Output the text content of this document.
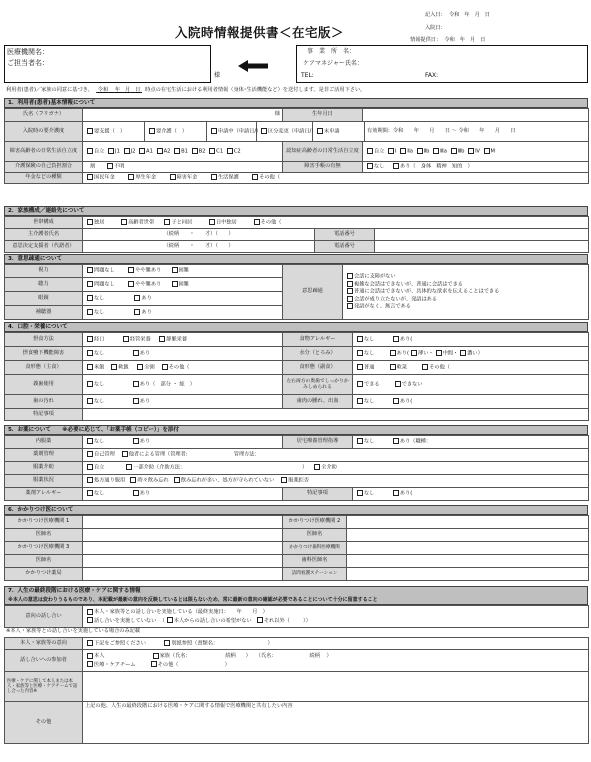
入院時情報提供書＜在宅版＞
記入日： 令和 年 月 日
入院日：
情報提供日： 令和 年 月 日
医療機関名：
ご担当者名：
様
事　業　所　名：
ケアマネジャー氏名：
TEL:	FAX:
利用者(患者)／家族の同意に基づき、 令和 年 月 日 時点の在宅生活における利用者情報（身体･生活機能など）を送付します。是非ご活用下さい。
1．利用者(患者)基本情報について
氏名（フリガナ）	様	生年月日	
入院時の要介護度	要支援（　）	要介護（　）	申請中（申請日/）	区分変更（申請日/）	未申請	有効期間：令和　　年　　月　　日 ～ 令和　　年　　月　　日
障害高齢者の日常生活自立度	自立 J1 J2 A1 A2 B1 B2 C1 C2	認知症高齢者の日常生活自立度	自立 Ⅰ Ⅱa Ⅱb Ⅲa Ⅲb Ⅳ M
介護保険の自己負担割合	割 不明	障害手帳の有無	なし あり（　身体　精神　知的　）
年金などの種類	国民年金 厚生年金 障害年金 生活保護 その他（		
2．家族構成／連絡先について
世帯構成	独居 高齢者世帯 子と同居 日中独居 その他（		
主介護者氏名	（続柄　　・　　才）（　　）	電話番号	
意思決定支援者（代諾者）	（続柄　　・　　才）（　　）	電話番号	
3．意思疎通について
視力	問題なし やや難あり 困難	意思疎通	会話に支障がない
複雑な会話はできないが、普通に会話はできる
普通に会話はできないが、具体的な欲求を伝えることはできる
会話が成り立たないが、発語はある
発語がなく、無言である
聴力	問題なし やや難あり 困難		
眼鏡	なし あり		
補聴器	なし あり		
4．口腔・栄養について
摂食方法	経口 経管栄養 静脈栄養	食物アレルギー	なし あり(
摂食嚥下機能障害	なし あり	水分（とろみ）	なし あり( 薄い・ 中間・ 濃い）
食形態（主食）	米飯 軟飯 全粥 その他（	食形態（副食）	普通 軟菜 その他（
義歯使用	なし あり（　部分 ・ 総　）	左右両方の奥歯でしっかりかみしめられる	できる できない
歯の汚れ	なし あり	歯肉の腫れ、出血	なし あり(
特記事項			
5．お薬について　　※必要に応じて、「お薬手帳（コピー）」を添付
内服薬	なし あり	居宅療養管理指導	なし あり（職種：
薬剤管理	自己管理 他者による管理（管理者: 管理方法：		
服薬介助	自立 一部介助（介助方法：                                                                       ）   全介助		
服薬状況	処方通り服用 時々飲み忘れ 飲み忘れが多い、処方が守られていない 服薬拒否		
薬剤アレルギー	なし あり	特記事項	なし あり(
6．かかりつけ医について
かかりつけ医療機関 1		かかりつけ医療機関 2	
医師名		医師名	
かかりつけ医療機関 3		かかりつけ歯科医療機関	
医師名		歯科医師名	
かかりつけ薬局		訪問看護ステーション	
7．人生の最終段階における医療・ケアに関する情報
※本人の意思は変わりうるものであり、本記載が最新の意向を反映しているとは限らないため、常に最新の意向の確認が必要であることについて十分に留意すること
意向の話し合い	本人・家族等との話し合いを実施している（最終実施日：　　年　　月　）
話し合いを実施していない  （ 本人からの話し合いの希望がない それ以外（        ））
※本人・家族等との話し合いを実施している場合のみ記載
本人・家族等の意向	下記をご参照ください 別紙参照（書類名：                              ）
話し合いへの参加者	本人 家族（氏名： 続柄      ）   （氏名： 続柄    ）
医療・ケアチーム その他（                            ）
医療・ケアに関して本人または本人・家族等と医療・ケアチームで話し合った内容※	
その他	上記の他、人生の最終段階における医療・ケアに関する情報で医療機関と共有したい内容
